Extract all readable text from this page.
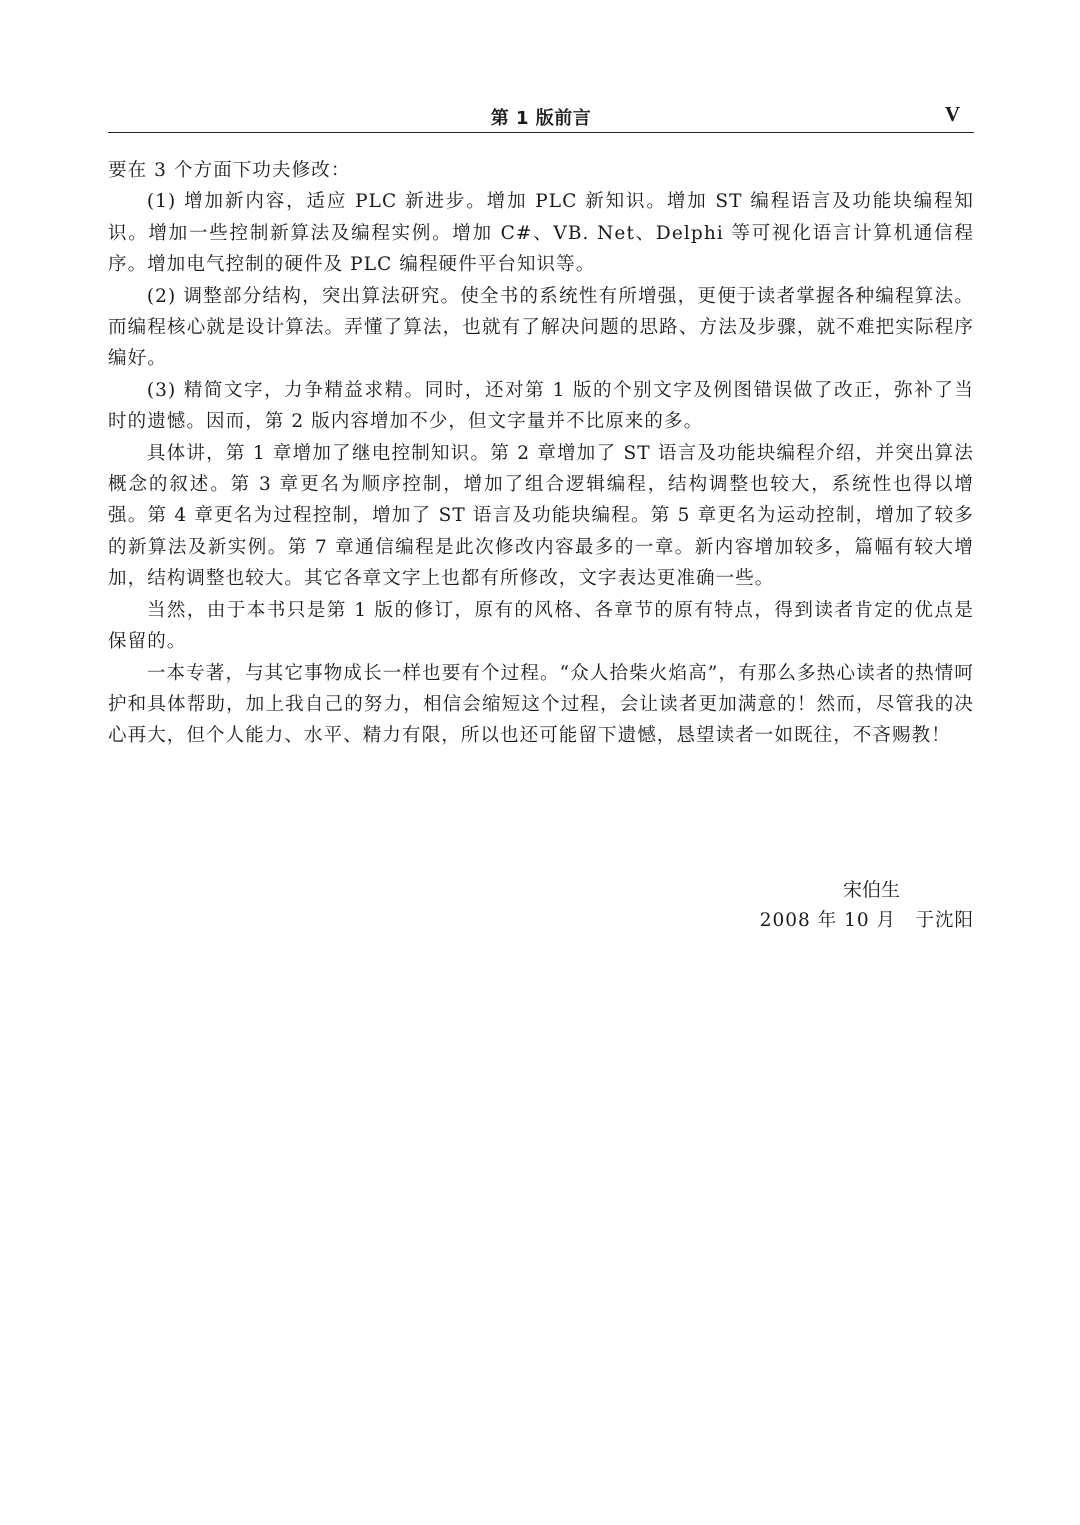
第 1 版前言	V

要在 3 个方面下功夫修改：

(1) 增加新内容，适应 PLC 新进步。增加 PLC 新知识。增加 ST 编程语言及功能块编程知识。增加一些控制新算法及编程实例。增加 C#、VB. Net、Delphi 等可视化语言计算机通信程序。增加电气控制的硬件及 PLC 编程硬件平台知识等。

(2) 调整部分结构，突出算法研究。使全书的系统性有所增强，更便于读者掌握各种编程算法。而编程核心就是设计算法。弄懂了算法，也就有了解决问题的思路、方法及步骤，就不难把实际程序编好。

(3) 精简文字，力争精益求精。同时，还对第 1 版的个别文字及例图错误做了改正，弥补了当时的遗憾。因而，第 2 版内容增加不少，但文字量并不比原来的多。

具体讲，第 1 章增加了继电控制知识。第 2 章增加了 ST 语言及功能块编程介绍，并突出算法概念的叙述。第 3 章更名为顺序控制，增加了组合逻辑编程，结构调整也较大，系统性也得以增强。第 4 章更名为过程控制，增加了 ST 语言及功能块编程。第 5 章更名为运动控制，增加了较多的新算法及新实例。第 7 章通信编程是此次修改内容最多的一章。新内容增加较多，篇幅有较大增加，结构调整也较大。其它各章文字上也都有所修改，文字表达更准确一些。

当然，由于本书只是第 1 版的修订，原有的风格、各章节的原有特点，得到读者肯定的优点是保留的。

一本专著，与其它事物成长一样也要有个过程。“众人拾柴火焰高”，有那么多热心读者的热情呵护和具体帮助，加上我自己的努力，相信会缩短这个过程，会让读者更加满意的！然而，尽管我的决心再大，但个人能力、水平、精力有限，所以也还可能留下遗憾，恳望读者一如既往，不吝赐教！

宋伯生
2008 年 10 月　于沈阳
